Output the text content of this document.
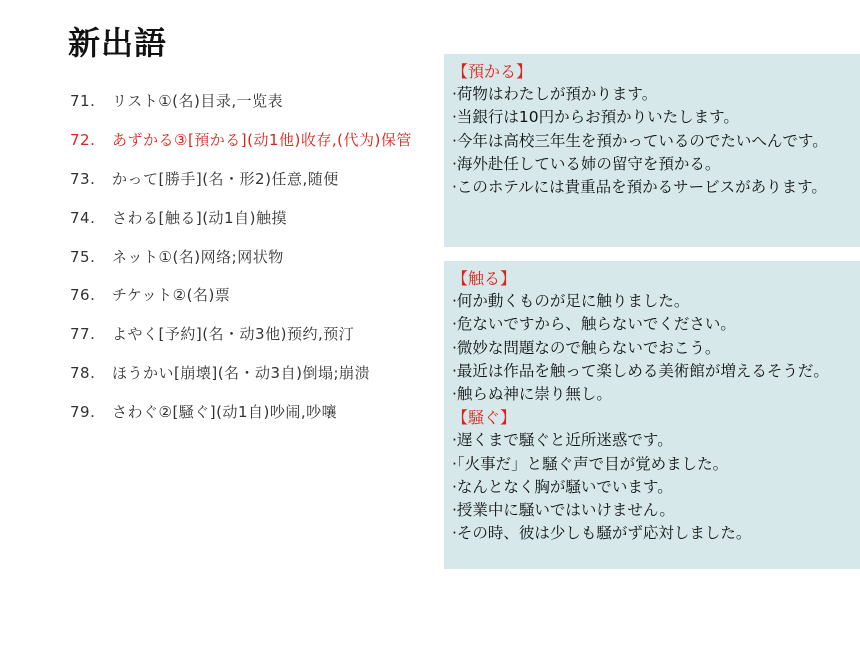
新出語
71. リスト①(名)目录,一览表
72. あずかる③[預かる](动1他)收存,(代为)保管
73. かって[勝手](名・形2)任意,随便
74. さわる[触る](动1自)触摸
75. ネット①(名)网络;网状物
76. チケット②(名)票
77. よやく[予約](名・动3他)预约,预汀
78. ほうかい[崩壊](名・动3自)倒塌;崩溃
79. さわぐ②[騒ぐ](动1自)吵闹,吵嚷
【預かる】
·荷物はわたしが預かります。
·当銀行は10円からお預かりいたします。
·今年は高校三年生を預かっているのでたいへんです。
·海外赴任している姉の留守を預かる。
·このホテルには貴重品を預かるサービスがあります。
【触る】
·何か動くものが足に触りました。
·危ないですから、触らないでください。
·微妙な問題なので触らないでおこう。
·最近は作品を触って楽しめる美術館が増えるそうだ。
·触らぬ神に崇り無し。
【騒ぐ】
·遅くまで騒ぐと近所迷惑です。
·「火事だ」と騒ぐ声で目が覚めました。
·なんとなく胸が騒いでいます。
·授業中に騒いではいけません。
·その時、彼は少しも騒がず応対しました。
